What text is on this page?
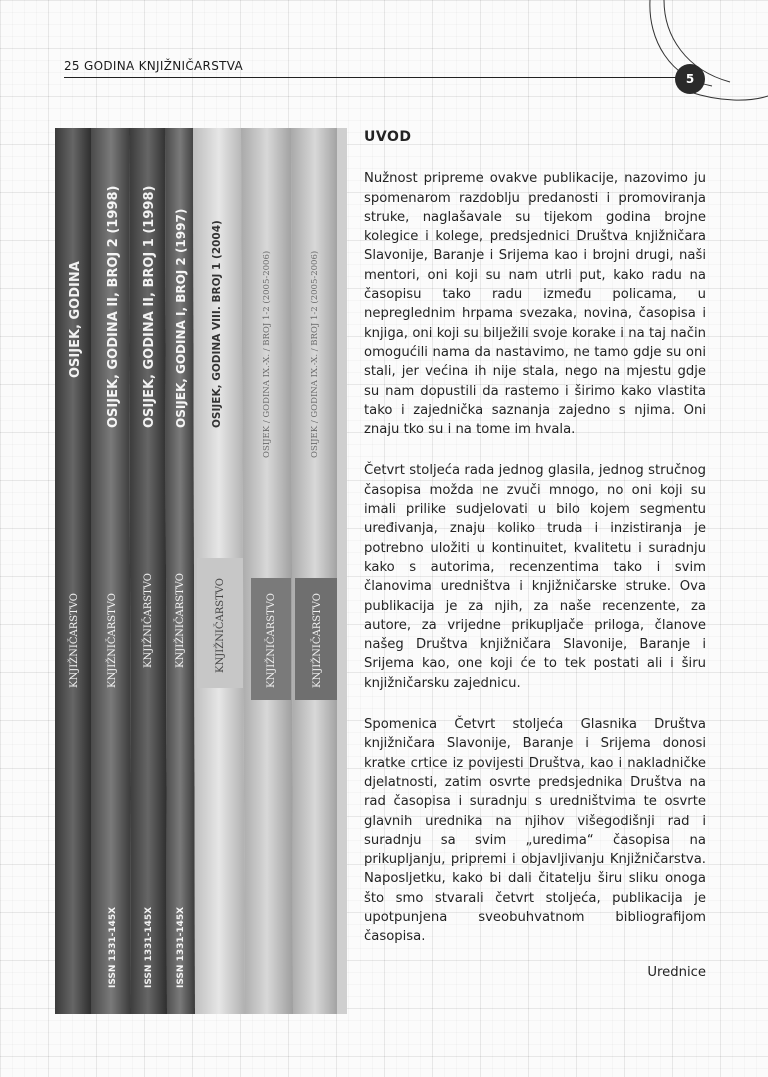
25 GODINA KNJIŽNIČARSTVA
5
OSIJEK, GODINA
KNJIŽNIČARSTVO
OSIJEK, GODINA II, BROJ 2 (1998)
KNJIŽNIČARSTVO
ISSN 1331-145X
OSIJEK, GODINA II, BROJ 1 (1998)
KNJIŽNIČARSTVO
ISSN 1331-145X
OSIJEK, GODINA I, BROJ 2 (1997)
KNJIŽNIČARSTVO
ISSN 1331-145X
OSIJEK, GODINA VIII. BROJ 1 (2004)
KNJIŽNIČARSTVO
OSIJEK / GODINA IX.-X. / BROJ 1-2 (2005-2006)
KNJIŽNIČARSTVO
OSIJEK / GODINA IX.-X. / BROJ 1-2 (2005-2006)
KNJIŽNIČARSTVO
UVOD

Nužnost pripreme ovakve publikacije, nazovimo ju spomenarom razdoblju predanosti i promoviranja struke, naglašavale su tijekom godina brojne kolegice i kolege, predsjednici Društva knjižničara Slavonije, Baranje i Srijema kao i brojni drugi, naši mentori, oni koji su nam utrli put, kako radu na časopisu tako radu između policama, u nepreglednim hrpama svezaka, novina, časopisa i knjiga, oni koji su bilježili svoje korake i na taj način omogućili nama da nastavimo, ne tamo gdje su oni stali, jer većina ih nije stala, nego na mjestu gdje su nam dopustili da rastemo i širimo kako vlastita tako i zajednička saznanja zajedno s njima. Oni znaju tko su i na tome im hvala.

Četvrt stoljeća rada jednog glasila, jednog stručnog časopisa možda ne zvuči mnogo, no oni koji su imali prilike sudjelovati u bilo kojem segmentu uređivanja, znaju koliko truda i inzistiranja je potrebno uložiti u kontinuitet, kvalitetu i suradnju kako s autorima, recenzentima tako i svim članovima uredništva i knjižničarske struke. Ova publikacija je za njih, za naše recenzente, za autore, za vrijedne prikupljače priloga, članove našeg Društva knjižničara Slavonije, Baranje i Srijema kao, one koji će to tek postati ali i širu knjižničarsku zajednicu.

Spomenica Četvrt stoljeća Glasnika Društva knjižničara Slavonije, Baranje i Srijema donosi kratke crtice iz povijesti Društva, kao i nakladničke djelatnosti, zatim osvrte predsjednika Društva na rad časopisa i suradnju s uredništvima te osvrte glavnih urednika na njihov višegodišnji rad i suradnju sa svim „uredima“ časopisa na prikupljanju, pripremi i objavljivanju Knjižničarstva. Naposljetku, kako bi dali čitatelju širu sliku onoga što smo stvarali četvrt stoljeća, publikacija je upotpunjena sveobuhvatnom bibliografijom časopisa.

Urednice
